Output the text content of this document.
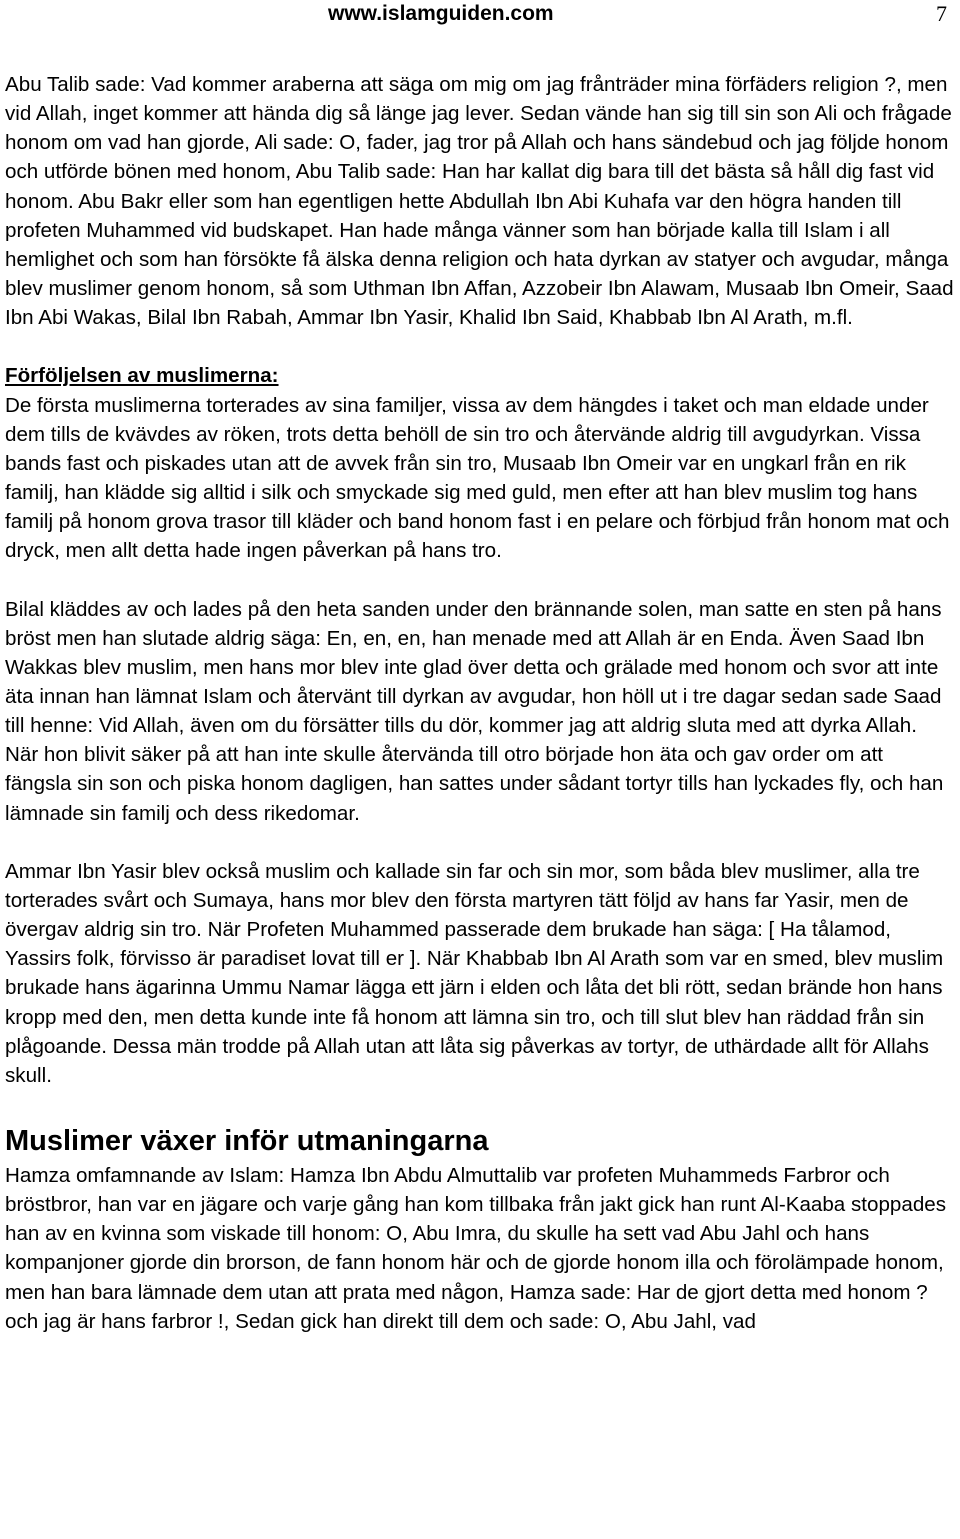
www.islamguiden.com	7

Abu Talib sade: Vad kommer araberna att säga om mig om jag frånträder mina förfäders religion ?, men vid Allah, inget kommer att hända dig så länge jag lever. Sedan vände han sig till sin son Ali och frågade honom om vad han gjorde, Ali sade: O, fader, jag tror på Allah och hans sändebud och jag följde honom och utförde bönen med honom, Abu Talib sade: Han har kallat dig bara till det bästa så håll dig fast vid honom. Abu Bakr eller som han egentligen hette Abdullah Ibn Abi Kuhafa var den högra handen till profeten Muhammed vid budskapet. Han hade många vänner som han började kalla till Islam i all hemlighet och som han försökte få älska denna religion och hata dyrkan av statyer och avgudar, många blev muslimer genom honom, så som Uthman Ibn Affan, Azzobeir Ibn Alawam, Musaab Ibn Omeir, Saad Ibn Abi Wakas, Bilal Ibn Rabah, Ammar Ibn Yasir, Khalid Ibn Said, Khabbab Ibn Al Arath, m.fl.

Förföljelsen av muslimerna:

De första muslimerna torterades av sina familjer, vissa av dem hängdes i taket och man eldade under dem tills de kvävdes av röken, trots detta behöll de sin tro och återvände aldrig till avgudyrkan. Vissa bands fast och piskades utan att de avvek från sin tro, Musaab Ibn Omeir var en ungkarl från en rik familj, han klädde sig alltid i silk och smyckade sig med guld, men efter att han blev muslim tog hans familj på honom grova trasor till kläder och band honom fast i en pelare och förbjud från honom mat och dryck, men allt detta hade ingen påverkan på hans tro.

Bilal kläddes av och lades på den heta sanden under den brännande solen, man satte en sten på hans bröst men han slutade aldrig säga: En, en, en, han menade med att Allah är en Enda. Även Saad Ibn Wakkas blev muslim, men hans mor blev inte glad över detta och grälade med honom och svor att inte äta innan han lämnat Islam och återvänt till dyrkan av avgudar, hon höll ut i tre dagar sedan sade Saad till henne: Vid Allah, även om du försätter tills du dör, kommer jag att aldrig sluta med att dyrka Allah. När hon blivit säker på att han inte skulle återvända till otro började hon äta och gav order om att fängsla sin son och piska honom dagligen, han sattes under sådant tortyr tills han lyckades fly, och han lämnade sin familj och dess rikedomar.

Ammar Ibn Yasir blev också muslim och kallade sin far och sin mor, som båda blev muslimer, alla tre torterades svårt och Sumaya, hans mor blev den första martyren tätt följd av hans far Yasir, men de övergav aldrig sin tro. När Profeten Muhammed passerade dem brukade han säga: [ Ha tålamod, Yassirs folk, förvisso är paradiset lovat till er ]. När Khabbab Ibn Al Arath som var en smed, blev muslim brukade hans ägarinna Ummu Namar lägga ett järn i elden och låta det bli rött, sedan brände hon hans kropp med den, men detta kunde inte få honom att lämna sin tro, och till slut blev han räddad från sin plågoande. Dessa män trodde på Allah utan att låta sig påverkas av tortyr, de uthärdade allt för Allahs skull.

Muslimer växer inför utmaningarna

Hamza omfamnande av Islam: Hamza Ibn Abdu Almuttalib var profeten Muhammeds Farbror och bröstbror, han var en jägare och varje gång han kom tillbaka från jakt gick han runt Al-Kaaba stoppades han av en kvinna som viskade till honom: O, Abu Imra, du skulle ha sett vad Abu Jahl och hans kompanjoner gjorde din brorson, de fann honom här och de gjorde honom illa och förolämpade honom, men han bara lämnade dem utan att prata med någon, Hamza sade: Har de gjort detta med honom ? och jag är hans farbror !, Sedan gick han direkt till dem och sade: O, Abu Jahl, vad
